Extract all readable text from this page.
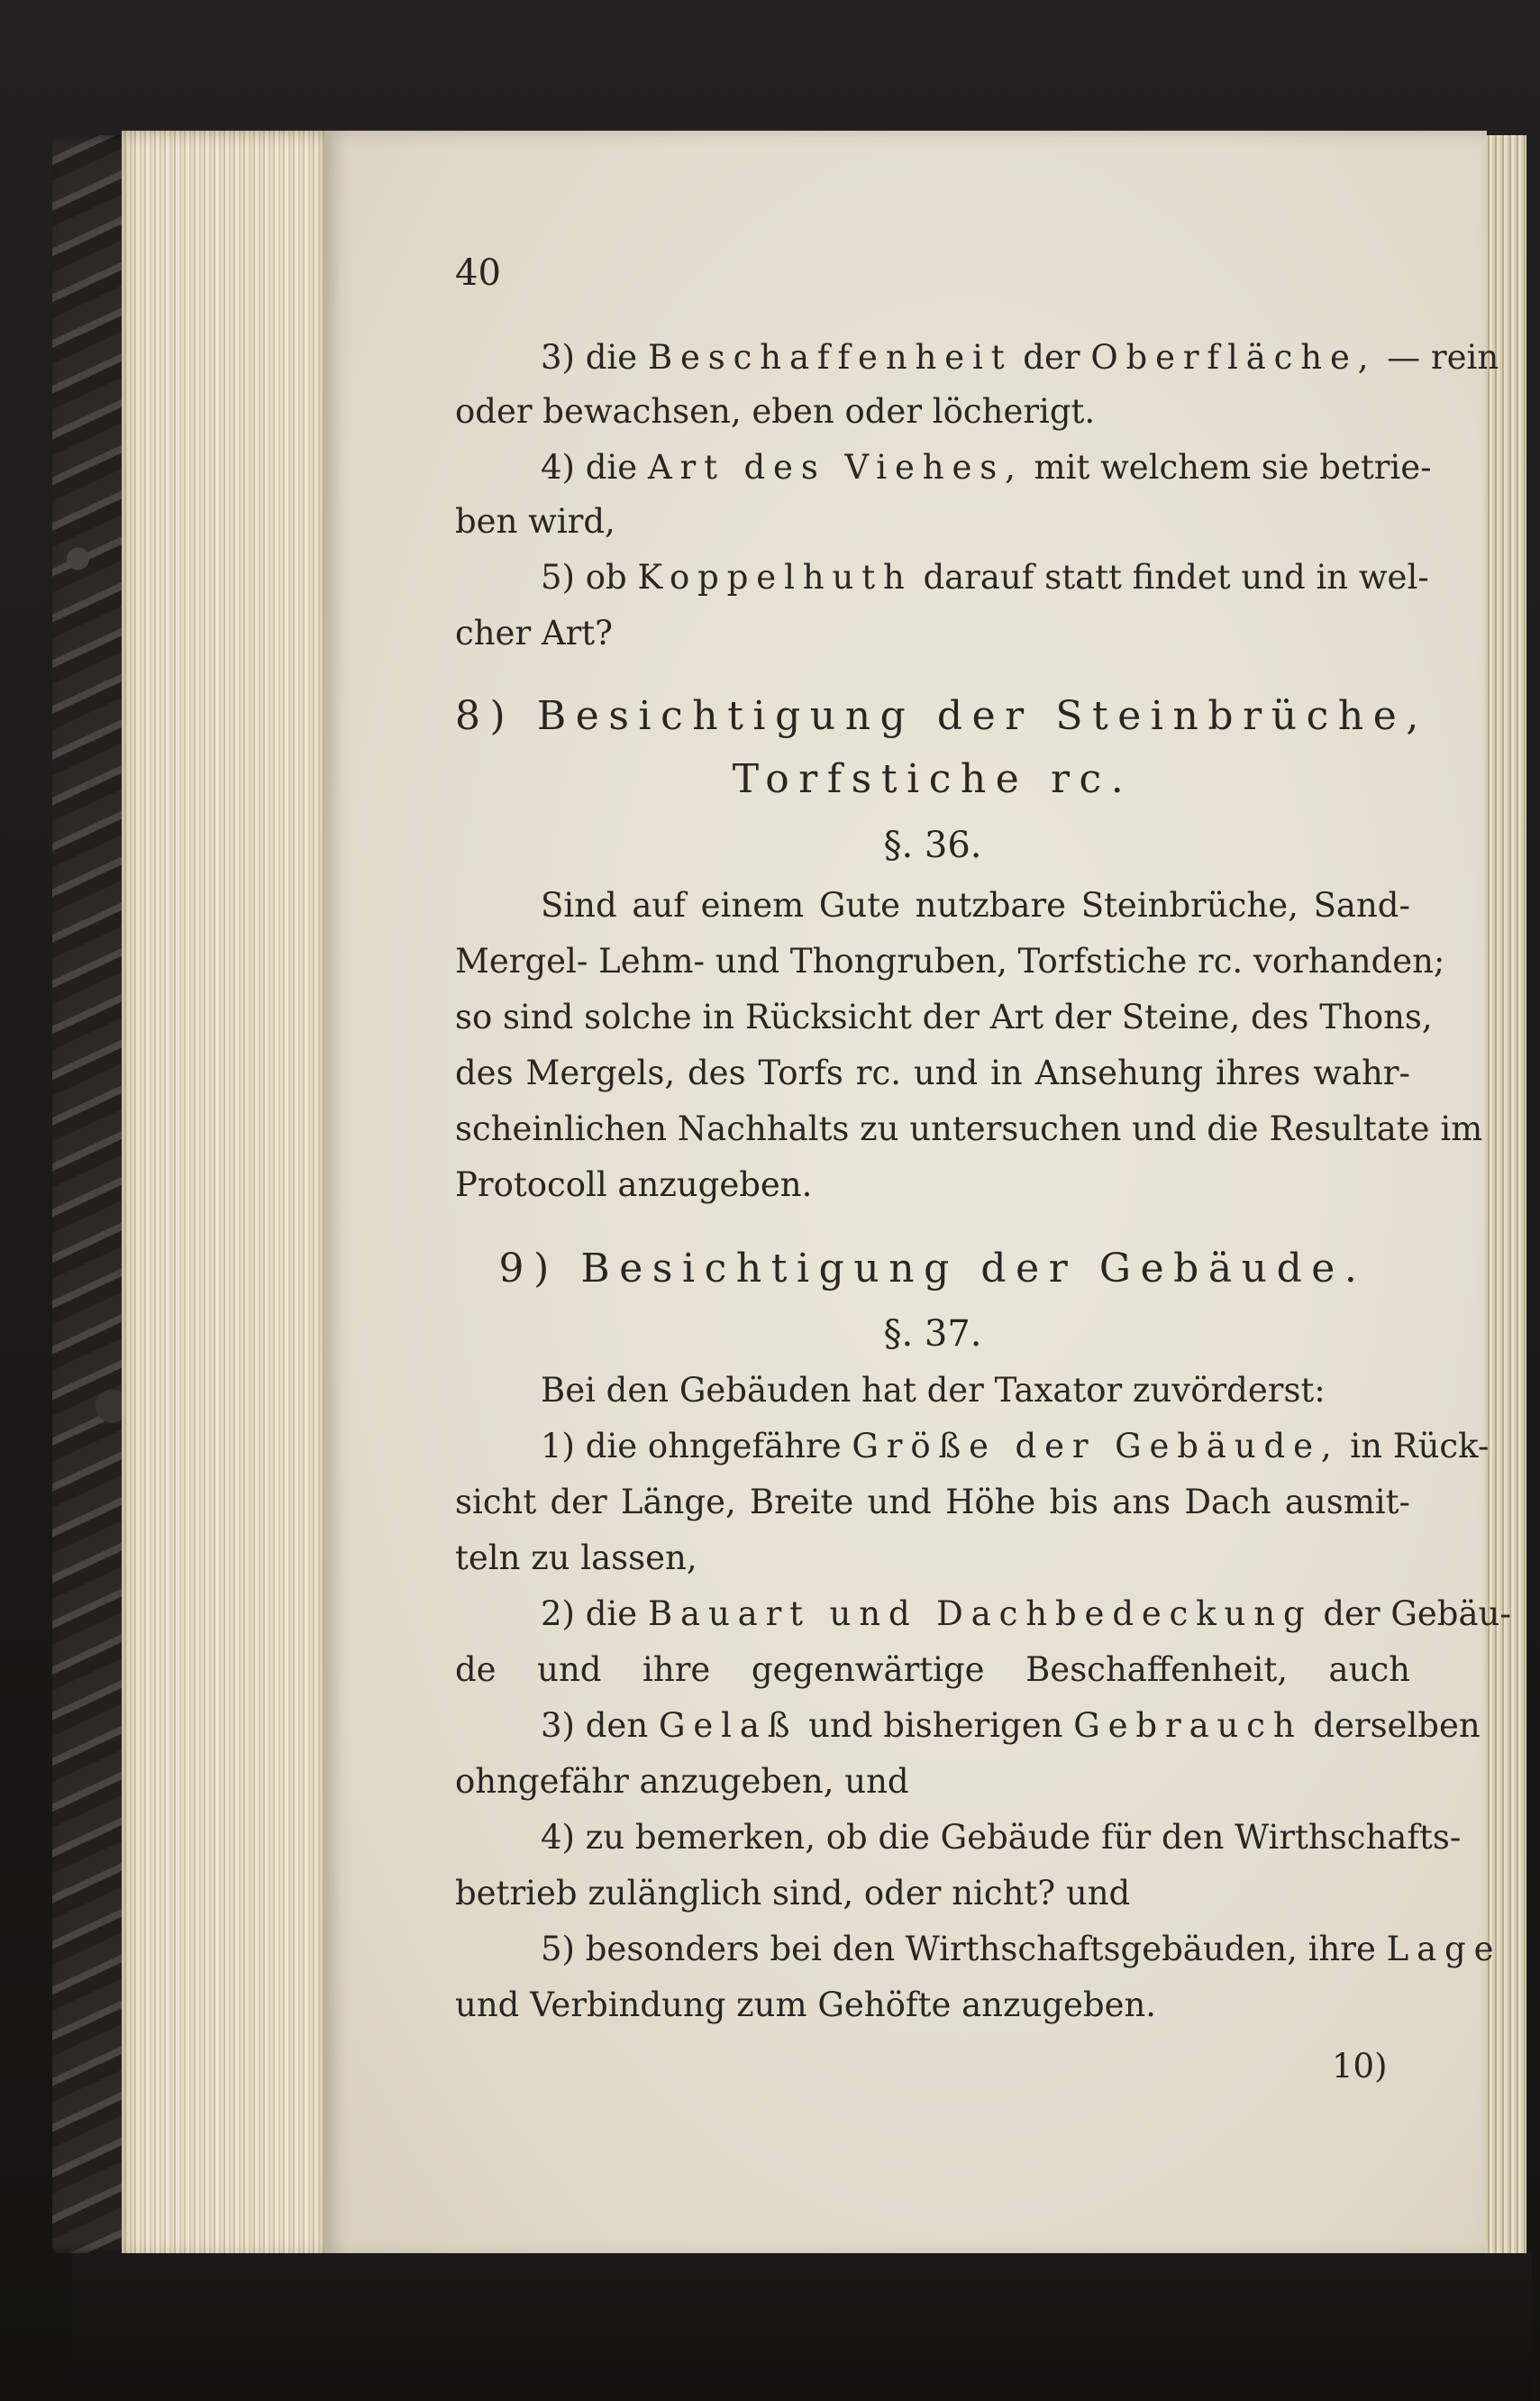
40
3) die Beschaffenheit der Oberfläche, — rein
oder bewachsen, eben oder löcherigt.
4) die Art des Viehes, mit welchem sie betrie-
ben wird,
5) ob Koppelhuth darauf statt findet und in wel-
cher Art?
8) Besichtigung der Steinbrüche,
Torfstiche rc.
§. 36.
Sind auf einem Gute nutzbare Steinbrüche, Sand-
Mergel- Lehm- und Thongruben, Torfstiche rc. vorhanden;
so sind solche in Rücksicht der Art der Steine, des Thons,
des Mergels, des Torfs rc. und in Ansehung ihres wahr-
scheinlichen Nachhalts zu untersuchen und die Resultate im
Protocoll anzugeben.
9) Besichtigung der Gebäude.
§. 37.
Bei den Gebäuden hat der Taxator zuvörderst:
1) die ohngefähre Größe der Gebäude, in Rück-
sicht der Länge, Breite und Höhe bis ans Dach ausmit-
teln zu lassen,
2) die Bauart und Dachbedeckung der Gebäu-
de und ihre gegenwärtige Beschaffenheit, auch
3) den Gelaß und bisherigen Gebrauch derselben
ohngefähr anzugeben, und
4) zu bemerken, ob die Gebäude für den Wirthschafts-
betrieb zulänglich sind, oder nicht? und
5) besonders bei den Wirthschaftsgebäuden, ihre Lage
und Verbindung zum Gehöfte anzugeben.
10)
